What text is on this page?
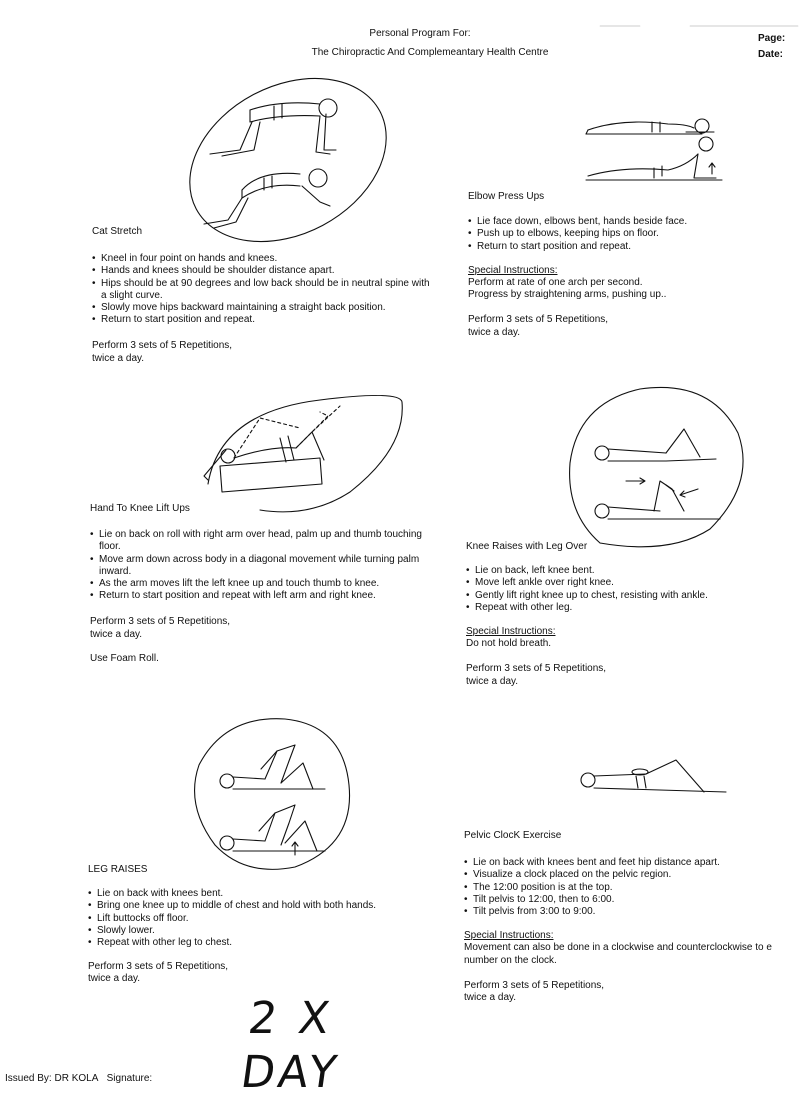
Personal Program For:
The Chiropractic And Complemeantary Health Centre
Page:
Date:
Cat Stretch
• Kneel in four point on hands and knees.
• Hands and knees should be shoulder distance apart.
• Hips should be at 90 degrees and low back should be in neutral spine with a slight curve.
• Slowly move hips backward maintaining a straight back position.
• Return to start position and repeat.
Perform 3 sets of 5 Repetitions,
twice a day.
Elbow Press Ups
• Lie face down, elbows bent, hands beside face.
• Push up to elbows, keeping hips on floor.
• Return to start position and repeat.
Special Instructions:
Perform at rate of one arch per second.
Progress by straightening arms, pushing up..
Perform 3 sets of 5 Repetitions,
twice a day.
Hand To Knee Lift Ups
• Lie on back on roll with right arm over head, palm up and thumb touching floor.
• Move arm down across body in a diagonal movement while turning palm inward.
• As the arm moves lift the left knee up and touch thumb to knee.
• Return to start position and repeat with left arm and right knee.
Perform 3 sets of 5 Repetitions,
twice a day.
Use Foam Roll.
Knee Raises with Leg Over
• Lie on back, left knee bent.
• Move left ankle over right knee.
• Gently lift right knee up to chest, resisting with ankle.
• Repeat with other leg.
Special Instructions:
Do not hold breath.
Perform 3 sets of 5 Repetitions,
twice a day.
LEG RAISES
• Lie on back with knees bent.
• Bring one knee up to middle of chest and hold with both hands.
• Lift buttocks off floor.
• Slowly lower.
• Repeat with other leg to chest.
Perform 3 sets of 5 Repetitions,
twice a day.
Pelvic ClocK Exercise
• Lie on back with knees bent and feet hip distance apart.
• Visualize a clock placed on the pelvic region.
• The 12:00 position is at the top.
• Tilt pelvis to 12:00, then to 6:00.
• Tilt pelvis from 3:00 to 9:00.
Special Instructions:
Movement can also be done in a clockwise and counterclockwise to e
number on the clock.
Perform 3 sets of 5 Repetitions,
twice a day.
2 X DAY
Issued By: DR KOLA Signature:
